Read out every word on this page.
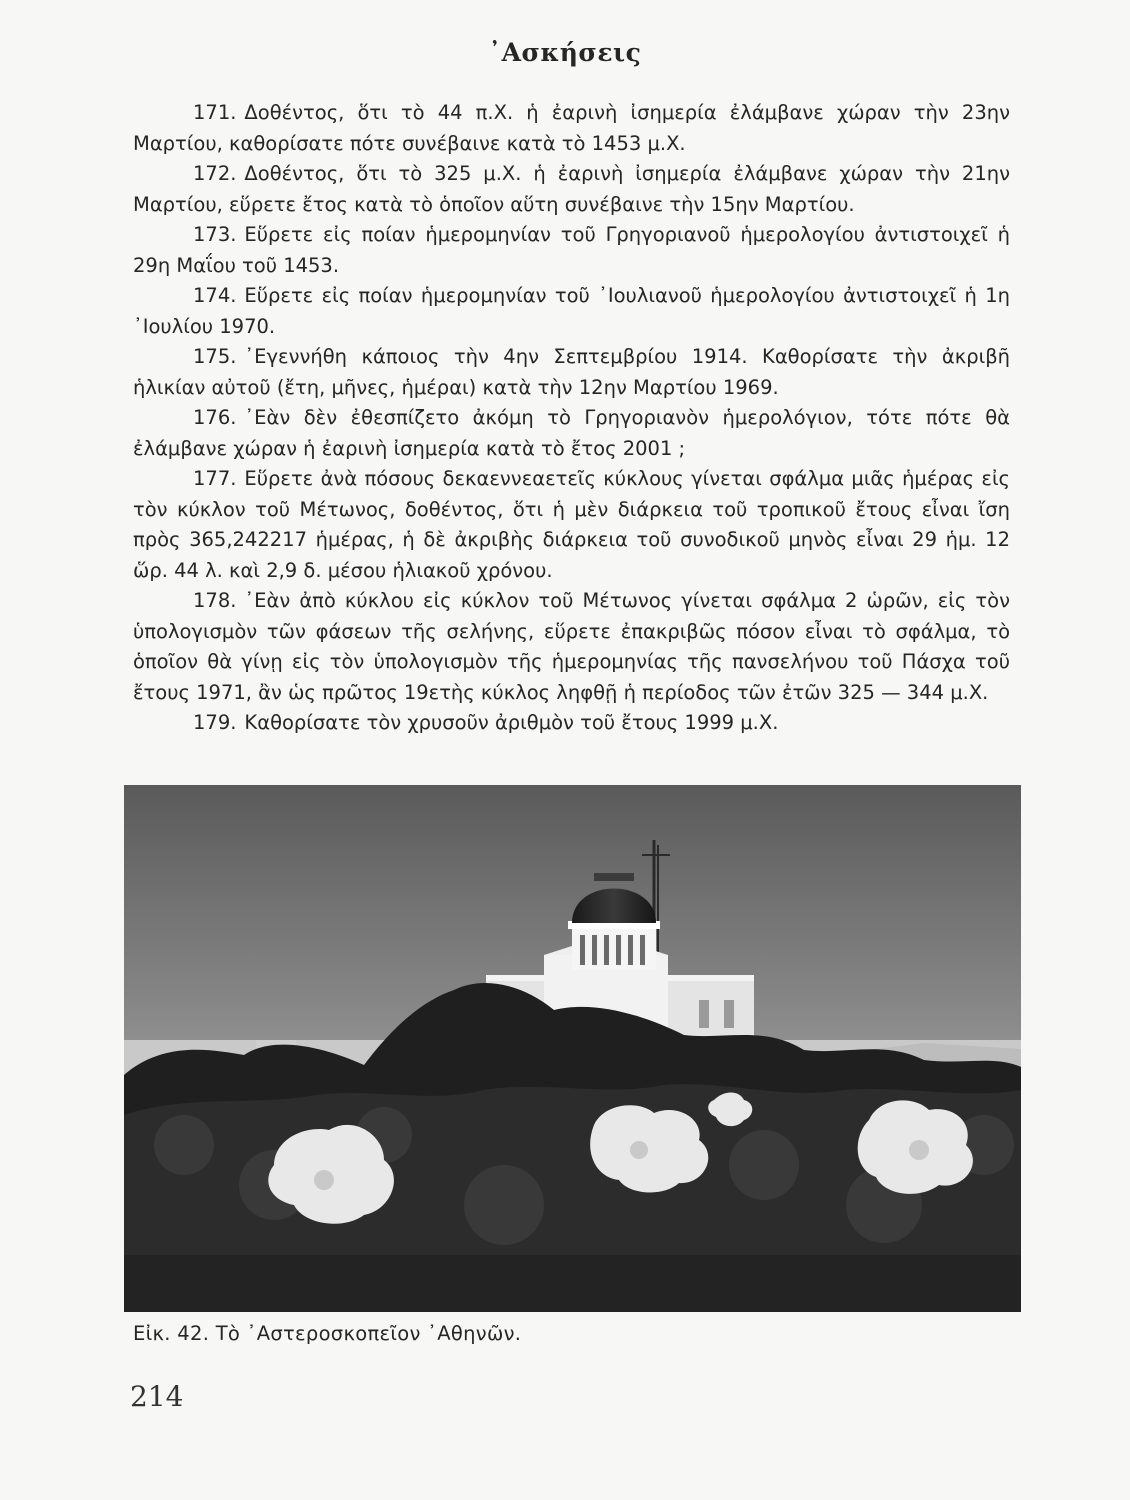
᾿Ασκήσεις
171. Δοθέντος, ὅτι τὸ 44 π.Χ. ἡ ἐαρινὴ ἰσημερία ἐλάμβανε χώραν τὴν 23ην Μαρτίου, καθορίσατε πότε συνέβαινε κατὰ τὸ 1453 μ.Χ.
172. Δοθέντος, ὅτι τὸ 325 μ.Χ. ἡ ἐαρινὴ ἰσημερία ἐλάμβανε χώραν τὴν 21ην Μαρτίου, εὕρετε ἔτος κατὰ τὸ ὁποῖον αὕτη συνέβαινε τὴν 15ην Μαρτίου.
173. Εὕρετε εἰς ποίαν ἡμερομηνίαν τοῦ Γρηγοριανοῦ ἡμερολογίου ἀντιστοιχεῖ ἡ 29η Μαΐου τοῦ 1453.
174. Εὕρετε εἰς ποίαν ἡμερομηνίαν τοῦ ᾿Ιουλιανοῦ ἡμερολογίου ἀντιστοιχεῖ ἡ 1η ᾿Ιουλίου 1970.
175. ᾿Εγεννήθη κάποιος τὴν 4ην Σεπτεμβρίου 1914. Καθορίσατε τὴν ἀκριβῆ ἡλικίαν αὐτοῦ (ἔτη, μῆνες, ἡμέραι) κατὰ τὴν 12ην Μαρτίου 1969.
176. ᾿Εὰν δὲν ἐθεσπίζετο ἀκόμη τὸ Γρηγοριανὸν ἡμερολόγιον, τότε πότε θὰ ἐλάμβανε χώραν ἡ ἐαρινὴ ἰσημερία κατὰ τὸ ἔτος 2001 ;
177. Εὕρετε ἀνὰ πόσους δεκαεννεαετεῖς κύκλους γίνεται σφάλμα μιᾶς ἡμέρας εἰς τὸν κύκλον τοῦ Μέτωνος, δοθέντος, ὅτι ἡ μὲν διάρκεια τοῦ τροπικοῦ ἔτους εἶναι ἴση πρὸς 365,242217 ἡμέρας, ἡ δὲ ἀκριβὴς διάρκεια τοῦ συνοδικοῦ μηνὸς εἶναι 29 ἡμ. 12 ὥρ. 44 λ. καὶ 2,9 δ. μέσου ἡλιακοῦ χρόνου.
178. ᾿Εὰν ἀπὸ κύκλου εἰς κύκλον τοῦ Μέτωνος γίνεται σφάλμα 2 ὡρῶν, εἰς τὸν ὑπολογισμὸν τῶν φάσεων τῆς σελήνης, εὕρετε ἐπακριβῶς πόσον εἶναι τὸ σφάλμα, τὸ ὁποῖον θὰ γίνῃ εἰς τὸν ὑπολογισμὸν τῆς ἡμερομηνίας τῆς πανσελήνου τοῦ Πάσχα τοῦ ἔτους 1971, ἂν ὡς πρῶτος 19ετὴς κύκλος ληφθῇ ἡ περίοδος τῶν ἐτῶν 325 — 344 μ.Χ.
179. Καθορίσατε τὸν χρυσοῦν ἀριθμὸν τοῦ ἔτους 1999 μ.Χ.
Εἰκ. 42. Τὸ ᾿Αστεροσκοπεῖον ᾿Αθηνῶν.
214
